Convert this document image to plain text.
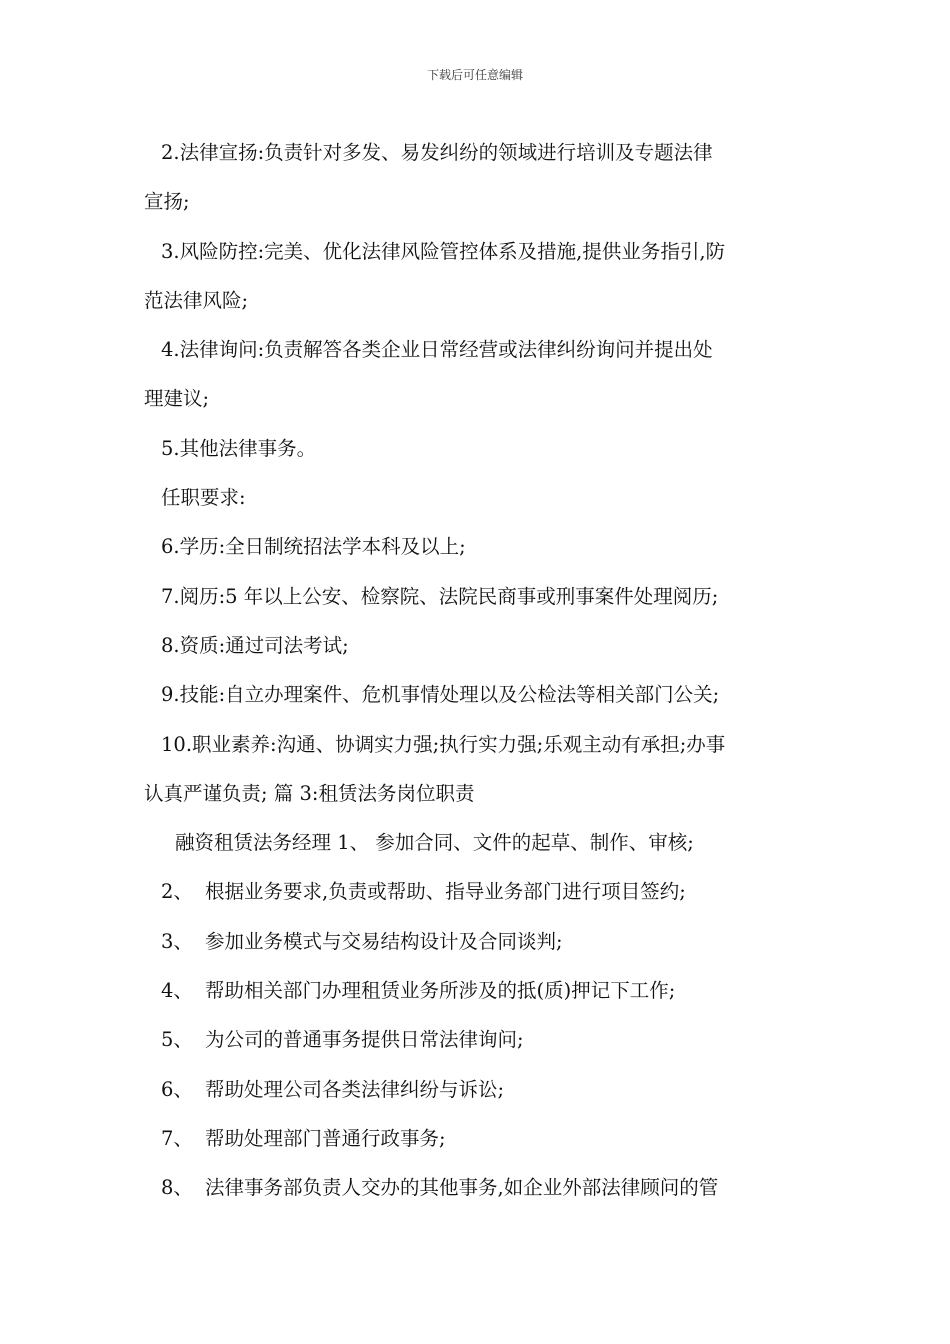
下载后可任意编辑
2.法律宣扬:负责针对多发、易发纠纷的领域进行培训及专题法律
宣扬;
3.风险防控:完美、优化法律风险管控体系及措施,提供业务指引,防
范法律风险;
4.法律询问:负责解答各类企业日常经营或法律纠纷询问并提出处
理建议;
5.其他法律事务。
任职要求:
6.学历:全日制统招法学本科及以上;
7.阅历:5 年以上公安、检察院、法院民商事或刑事案件处理阅历;
8.资质:通过司法考试;
9.技能:自立办理案件、危机事情处理以及公检法等相关部门公关;
10.职业素养:沟通、协调实力强;执行实力强;乐观主动有承担;办事
认真严谨负责; 篇 3:租赁法务岗位职责
融资租赁法务经理 1、 参加合同、文件的起草、制作、审核;
2、 根据业务要求,负责或帮助、指导业务部门进行项目签约;
3、 参加业务模式与交易结构设计及合同谈判;
4、 帮助相关部门办理租赁业务所涉及的抵(质)押记下工作;
5、 为公司的普通事务提供日常法律询问;
6、 帮助处理公司各类法律纠纷与诉讼;
7、 帮助处理部门普通行政事务;
8、 法律事务部负责人交办的其他事务,如企业外部法律顾问的管
